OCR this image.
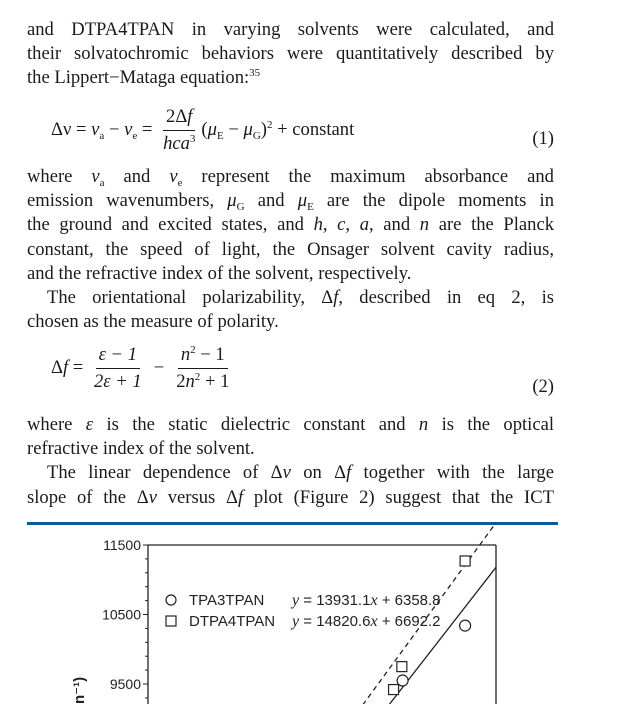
and DTPA4TPAN in varying solvents were calculated, and

their solvatochromic behaviors were quantitatively described by

the Lippert−Mataga equation:$^{35}$

$\Delta\nu = \nu_a - \nu_e = \frac{2\Delta f}{hca^3} (\mu_E - \mu_G)^2$ + constant	(1)

where $\nu_a$ and $\nu_e$ represent the maximum absorbance and

emission wavenumbers, $\mu_G$ and $\mu_E$ are the dipole moments in

the ground and excited states, and h, c, a, and n are the Planck

constant, the speed of light, the Onsager solvent cavity radius,

and the refractive index of the solvent, respectively.

The orientational polarizability, Δf, described in eq 2, is

chosen as the measure of polarity.

$\Delta f = \frac{\varepsilon - 1}{2\varepsilon + 1} - \frac{n^2 - 1}{2n^2 + 1}$	(2)

where ε is the static dielectric constant and n is the optical

refractive index of the solvent.

The linear dependence of Δν on Δf together with the large

slope of the Δν versus Δf plot (Figure 2) suggest that the ICT

11500
10500
9500
TPA3TPAN y = 13931.1x + 6358.8
DTPA4TPAN y = 14820.6x + 6692.2
n⁻¹)
